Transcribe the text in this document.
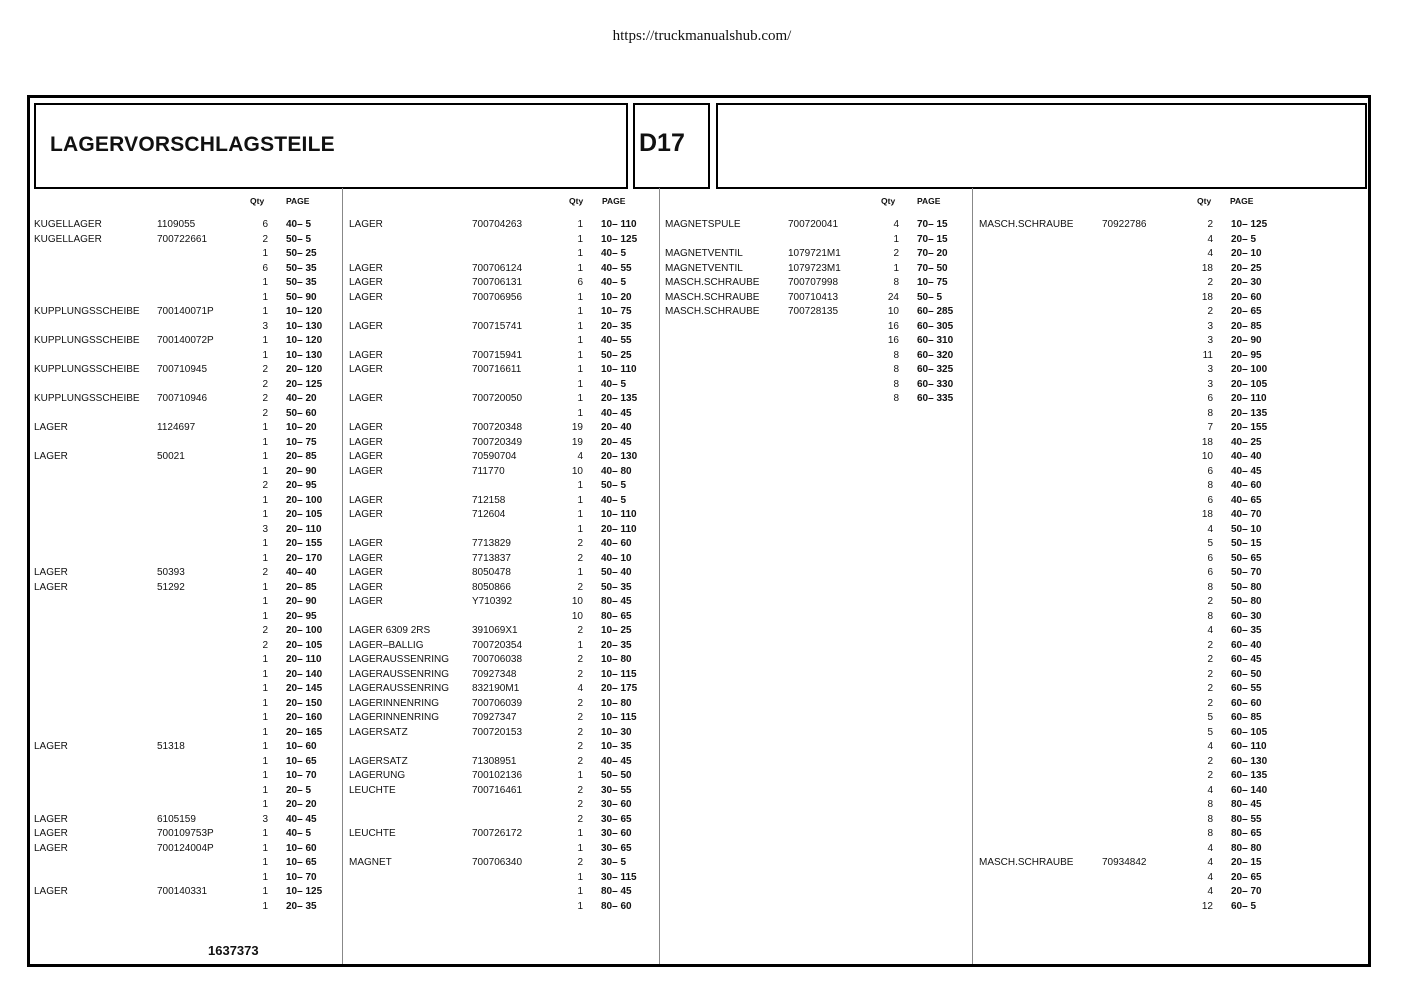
https://truckmanualshub.com/
LAGERVORSCHLAGSTEILE	D17
Qty	PAGE
KUGELLAGER	1109055	6 40– 5
KUGELLAGER	700722661	2 50– 5
1 50– 25
6 50– 35
1 50– 35
1 50– 90
KUPPLUNGSSCHEIBE 700140071P	1 10– 120
3 10– 130
KUPPLUNGSSCHEIBE 700140072P	1 10– 120
1 10– 130
KUPPLUNGSSCHEIBE 700710945	2 20– 120
2 20– 125
KUPPLUNGSSCHEIBE 700710946	2 40– 20
2 50– 60
LAGER	1124697	1 10– 20
1 10– 75
LAGER	50021	1 20– 85
1 20– 90
2 20– 95
1 20– 100
1 20– 105
3 20– 110
1 20– 155
1 20– 170
LAGER	50393	2 40– 40
LAGER	51292	1 20– 85
1 20– 90
1 20– 95
2 20– 100
2 20– 105
1 20– 110
1 20– 140
1 20– 145
1 20– 150
1 20– 160
1 20– 165
LAGER	51318	1 10– 60
1 10– 65
1 10– 70
1 20– 5
1 20– 20
LAGER	6105159	3 40– 45
LAGER	700109753P	1 40– 5
LAGER	700124004P	1 10– 60
1 10– 65
1 10– 70
LAGER	700140331	1 10– 125
1 20– 35
1637373
Qty PAGE
LAGER	700704263	1 10– 110
1 10– 125
1 40– 5
LAGER	700706124	1 40– 55
LAGER	700706131	6 40– 5
LAGER	700706956	1 10– 20
1 10– 75
LAGER	700715741	1 20– 35
1 40– 55
LAGER	700715941	1 50– 25
LAGER	700716611	1 10– 110
1 40– 5
LAGER	700720050	1 20– 135
1 40– 45
LAGER	700720348	19 20– 40
LAGER	700720349	19 20– 45
LAGER	70590704	4 20– 130
LAGER	711770	10 40– 80
1 50– 5
LAGER	712158	1 40– 5
LAGER	712604	1 10– 110
1 20– 110
LAGER	7713829	2 40– 60
LAGER	7713837	2 40– 10
LAGER	8050478	1 50– 40
LAGER	8050866	2 50– 35
LAGER	Y710392	10 80– 45
10 80– 65
LAGER 6309 2RS	391069X1	2 10– 25
LAGER–BALLIG	700720354	1 20– 35
LAGERAUSSENRING 700706038	2 10– 80
LAGERAUSSENRING 70927348	2 10– 115
LAGERAUSSENRING 832190M1	4 20– 175
LAGERINNENRING	700706039	2 10– 80
LAGERINNENRING	70927347	2 10– 115
LAGERSATZ	700720153	2 10– 30
2 10– 35
LAGERSATZ	71308951	2 40– 45
LAGERUNG	700102136	1 50– 50
LEUCHTE	700716461	2 30– 55
2 30– 60
2 30– 65
LEUCHTE	700726172	1 30– 60
1 30– 65
MAGNET	700706340	2 30– 5
1 30– 115
1 80– 45
1 80– 60
Qty	PAGE
MAGNETSPULE	700720041	4 70– 15
1 70– 15
MAGNETVENTIL	1079721M1	2 70– 20
MAGNETVENTIL	1079723M1	1 70– 50
MASCH.SCHRAUBE	700707998	8 10– 75
MASCH.SCHRAUBE	700710413	24 50– 5
MASCH.SCHRAUBE	700728135	10 60– 285
16 60– 305
16 60– 310
8 60– 320
8 60– 325
8 60– 330
8 60– 335
Qty PAGE
MASCH.SCHRAUBE	70922786	2 10– 125
4 20– 5
4 20– 10
18 20– 25
2 20– 30
18 20– 60
2 20– 65
3 20– 85
3 20– 90
11 20– 95
3 20– 100
3 20– 105
6 20– 110
8 20– 135
7 20– 155
18 40– 25
10 40– 40
6 40– 45
8 40– 60
6 40– 65
18 40– 70
4 50– 10
5 50– 15
6 50– 65
6 50– 70
8 50– 80
2 50– 80
8 60– 30
4 60– 35
2 60– 40
2 60– 45
2 60– 50
2 60– 55
2 60– 60
5 60– 85
5 60– 105
4 60– 110
2 60– 130
2 60– 135
4 60– 140
8 80– 45
8 80– 55
8 80– 65
4 80– 80
MASCH.SCHRAUBE	70934842	4 20– 15
4 20– 65
4 20– 70
12 60– 5
